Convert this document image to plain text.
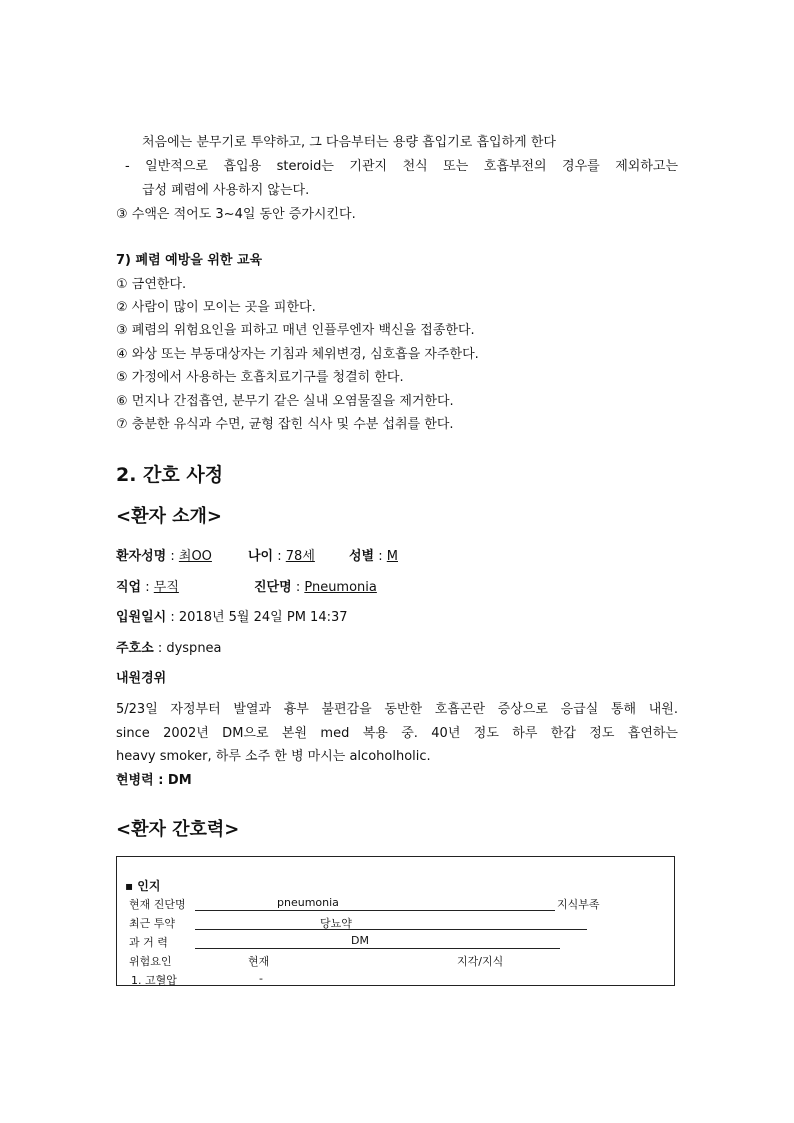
처음에는 분무기로 투약하고, 그 다음부터는 용량 흡입기로 흡입하게 한다
- 일반적으로 흡입용 steroid는 기관지 천식 또는 호흡부전의 경우를 제외하고는
급성 폐렴에 사용하지 않는다.
③ 수액은 적어도 3~4일 동안 증가시킨다.
7) 폐렴 예방을 위한 교육
① 금연한다.
② 사람이 많이 모이는 곳을 피한다.
③ 폐렴의 위험요인을 피하고 매년 인플루엔자 백신을 접종한다.
④ 와상 또는 부동대상자는 기침과 체위변경, 심호흡을 자주한다.
⑤ 가정에서 사용하는 호흡치료기구를 청결히 한다.
⑥ 먼지나 간접흡연, 분무기 같은 실내 오염물질을 제거한다.
⑦ 충분한 유식과 수면, 균형 잡힌 식사 및 수분 섭취를 한다.
2. 간호 사정
<환자 소개>
환자성명 : 최OO	나이 : 78세	성별 : M
직업 : 무직	진단명 : Pneumonia
입원일시 : 2018년 5월 24일 PM 14:37
주호소 : dyspnea
내원경위
5/23일 자정부터 발열과 흉부 불편감을 동반한 호흡곤란 증상으로 응급실 통해 내원.
since 2002년 DM으로 본원 med 복용 중. 40년 정도 하루 한갑 정도 흡연하는
heavy smoker, 하루 소주 한 병 마시는 alcoholholic.
현병력 : DM
<환자 간호력>
▪ 인지
현재 진단명	pneumonia	지식부족
최근 투약	당뇨약
과 거 력	DM
위험요인	현재	지각/지식
1. 고혈압	-
